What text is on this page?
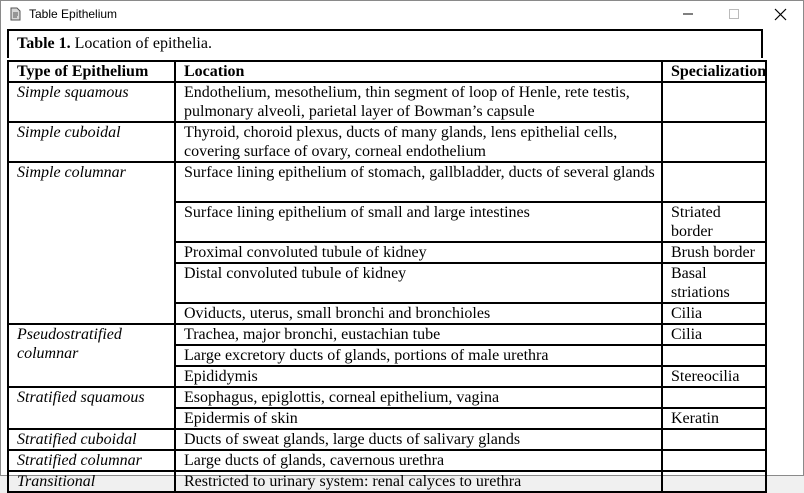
Table Epithelium
Table 1. Location of epithelia.
Type of Epithelium	Location	Specialization
Simple squamous	Endothelium, mesothelium, thin segment of loop of Henle, rete testis, pulmonary alveoli, parietal layer of Bowman’s capsule	
Simple cuboidal	Thyroid, choroid plexus, ducts of many glands, lens epithelial cells, covering surface of ovary, corneal endothelium	
Simple columnar	Surface lining epithelium of stomach, gallbladder, ducts of several glands	
	Surface lining epithelium of small and large intestines	Striated border
	Proximal convoluted tubule of kidney	Brush border
	Distal convoluted tubule of kidney	Basal striations
	Oviducts, uterus, small bronchi and bronchioles	Cilia
Pseudostratified columnar	Trachea, major bronchi, eustachian tube	Cilia
	Large excretory ducts of glands, portions of male urethra	
	Epididymis	Stereocilia
Stratified squamous	Esophagus, epiglottis, corneal epithelium, vagina	
	Epidermis of skin	Keratin
Stratified cuboidal	Ducts of sweat glands, large ducts of salivary glands	
Stratified columnar	Large ducts of glands, cavernous urethra	
Transitional	Restricted to urinary system: renal calyces to urethra	
